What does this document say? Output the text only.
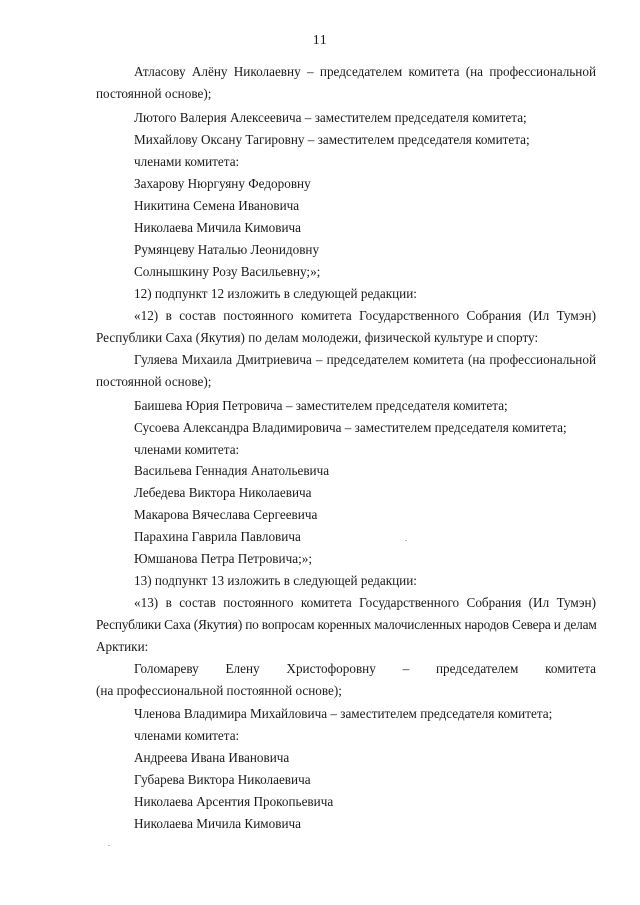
11
Атласову Алёну Николаевну – председателем комитета (на профессиональной
постоянной основе);
Лютого Валерия Алексеевича – заместителем председателя комитета;
Михайлову Оксану Тагировну – заместителем председателя комитета;
членами комитета:
Захарову Нюргуяну Федоровну
Никитина Семена Ивановича
Николаева Мичила Кимовича
Румянцеву Наталью Леонидовну
Солнышкину Розу Васильевну;»;
12) подпункт 12 изложить в следующей редакции:
«12) в состав постоянного комитета Государственного Собрания (Ил Тумэн)
Республики Саха (Якутия) по делам молодежи, физической культуре и спорту:
Гуляева Михаила Дмитриевича – председателем комитета (на профессиональной
постоянной основе);
Баишева Юрия Петровича – заместителем председателя комитета;
Сусоева Александра Владимировича – заместителем председателя комитета;
членами комитета:
Васильева Геннадия Анатольевича
Лебедева Виктора Николаевича
Макарова Вячеслава Сергеевича
Парахина Гаврила Павловича
Юмшанова Петра Петровича;»;
13) подпункт 13 изложить в следующей редакции:
«13) в состав постоянного комитета Государственного Собрания (Ил Тумэн)
Республики Саха (Якутия) по вопросам коренных малочисленных народов Севера и делам
Арктики:
Голомареву Елену Христофоровну – председателем комитета
(на профессиональной постоянной основе);
Членова Владимира Михайловича – заместителем председателя комитета;
членами комитета:
Андреева Ивана Ивановича
Губарева Виктора Николаевича
Николаева Арсентия Прокопьевича
Николаева Мичила Кимовича
